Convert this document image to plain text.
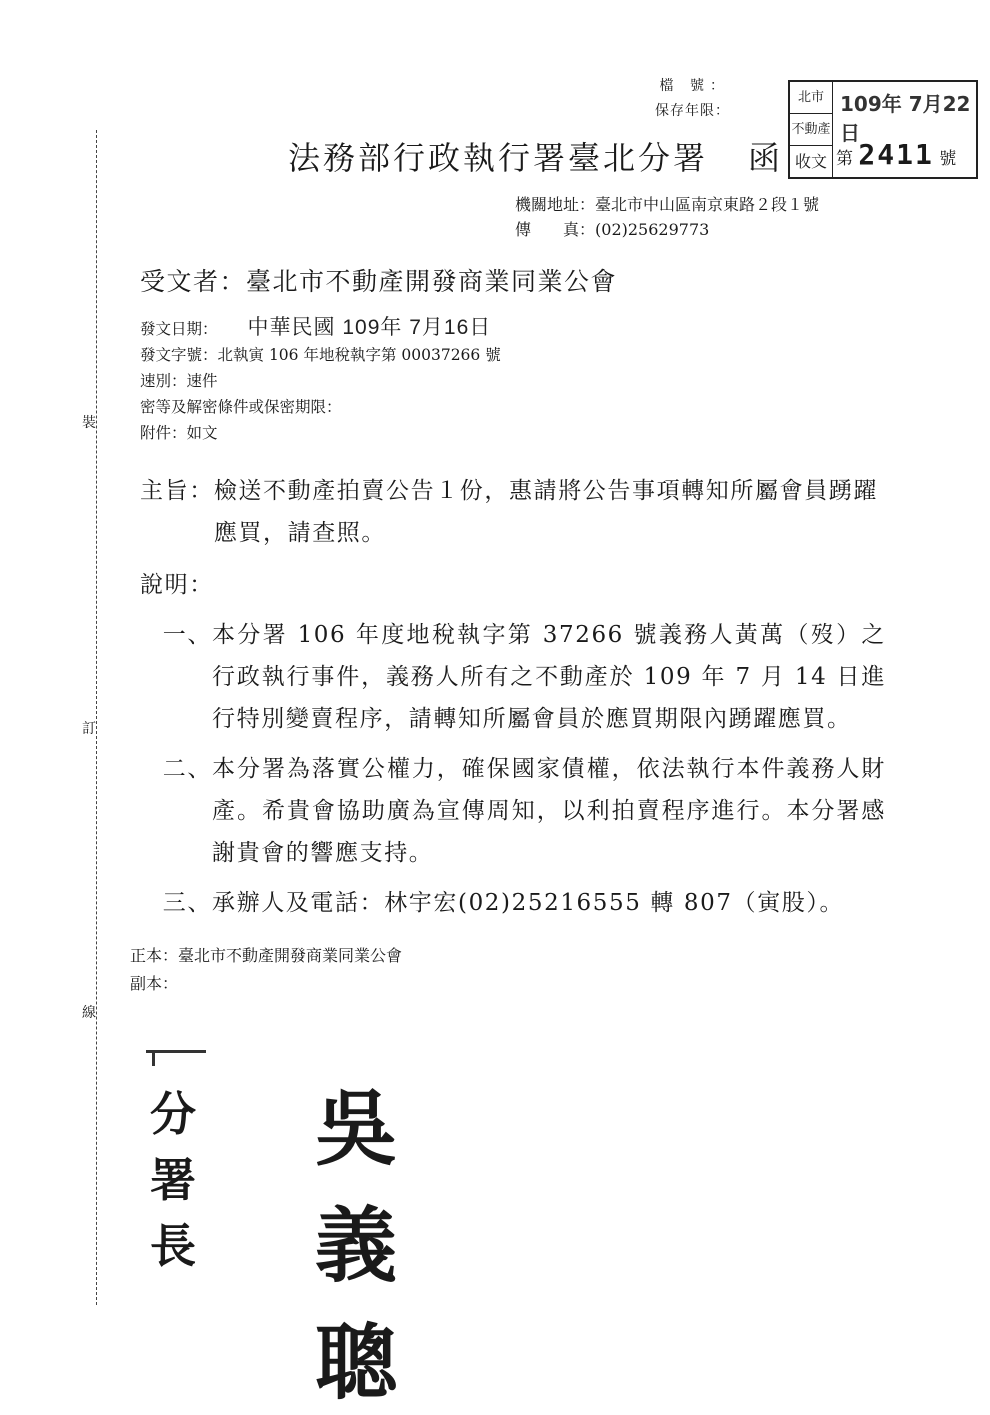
裝
訂
線
檔 號：
保存年限：
北市
不動產
收文
109年 7月22日
第 2411 號
法務部行政執行署臺北分署 函
機關地址：臺北市中山區南京東路２段１號
傳　　真：(02)25629773
受文者：臺北市不動產開發商業同業公會
發文日期： 中華民國 109年 7月16日
發文字號：北執寅 106 年地稅執字第 00037266 號
速別：速件
密等及解密條件或保密期限：
附件：如文
主旨： 檢送不動產拍賣公告１份，惠請將公告事項轉知所屬會員踴躍應買，請查照。
說明：
一、 本分署 106 年度地稅執字第 37266 號義務人黃萬（歿）之行政執行事件，義務人所有之不動產於 109 年 7 月 14 日進行特別變賣程序，請轉知所屬會員於應買期限內踴躍應買。
二、 本分署為落實公權力，確保國家債權，依法執行本件義務人財產。希貴會協助廣為宣傳周知，以利拍賣程序進行。本分署感謝貴會的響應支持。
三、 承辦人及電話：林宇宏(02)25216555 轉 807（寅股）。
正本：臺北市不動產開發商業同業公會
副本：
分署長
吳義聰
